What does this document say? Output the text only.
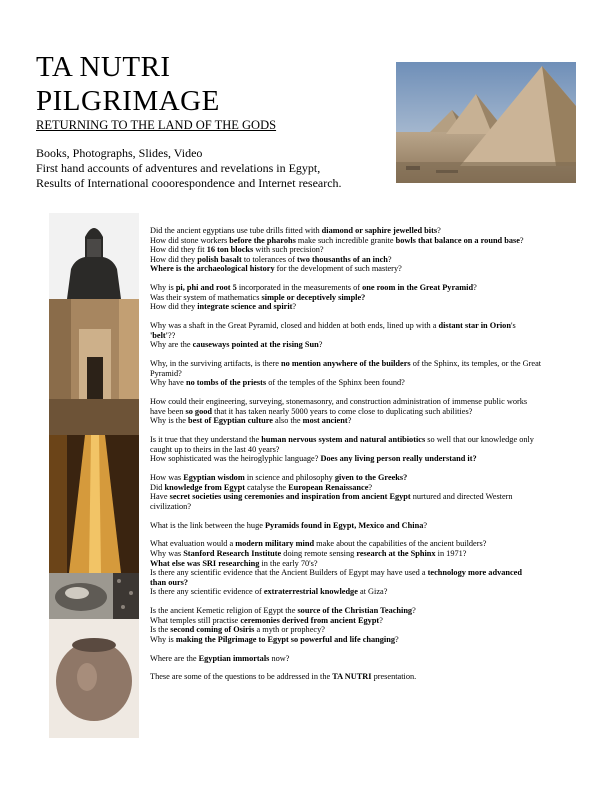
TA NUTRI
PILGRIMAGE
RETURNING TO THE LAND OF THE GODS
Books, Photographs, Slides, Video
First hand accounts of adventures and revelations in Egypt,
Results of International cooorespondence and Internet research.

Did the ancient egyptians use tube drills fitted with diamond or saphire jewelled bits?
How did stone workers before the pharohs make such incredible granite bowls that balance on a round base?
How did they fit 16 ton blocks with such precision?
How did they polish basalt to tolerances of two thousanths of an inch?
Where is the archaeological history for the development of such mastery?

Why is pi, phi and root 5 incorporated in the measurements of one room in the Great Pyramid?
Was their system of mathematics simple or deceptively simple?
How did they integrate science and spirit?

Why was a shaft in the Great Pyramid, closed and hidden at both ends, lined up with a distant star in Orion's
'belt'??
Why are the causeways pointed at the rising Sun?

Why, in the surviving artifacts, is there no mention anywhere of the builders of the Sphinx, its temples, or the Great
Pyramid?
Why have no tombs of the priests of the temples of the Sphinx been found?

How could their engineering, surveying, stonemasonry, and construction administration of immense public works
have been so good that it has taken nearly 5000 years to come close to duplicating such abilities?
Why is the best of Egyptian culture also the most ancient?

Is it true that they understand the human nervous system and natural antibiotics so well that our knowledge only
caught up to theirs in the last 40 years?
How sophisticated was the heiroglyphic language? Does any living person really understand it?

How was Egyptian wisdom in science and philosophy given to the Greeks?
Did knowledge from Egypt catalyse the European Renaissance?
Have secret societies using ceremonies and inspiration from ancient Egypt nurtured and directed Western
civilization?

What is the link between the huge Pyramids found in Egypt, Mexico and China?

What evaluation would a modern military mind make about the capabilities of the ancient builders?
Why was Stanford Research Institute doing remote sensing research at the Sphinx in 1971?
What else was SRI researching in the early 70's?
Is there any scientific evidence that the Ancient Builders of Egypt may have used a technology more advanced
than ours?
Is there any scientific evidence of extraterrestrial knowledge at Giza?

Is the ancient Kemetic religion of Egypt the source of the Christian Teaching?
What temples still practise ceremonies derived from ancient Egypt?
Is the second coming of Osiris a myth or prophecy?
Why is making the Pilgrimage to Egypt so powerful and life changing?

Where are the Egyptian immortals now?

These are some of the questions to be addressed in the TA NUTRI presentation.
